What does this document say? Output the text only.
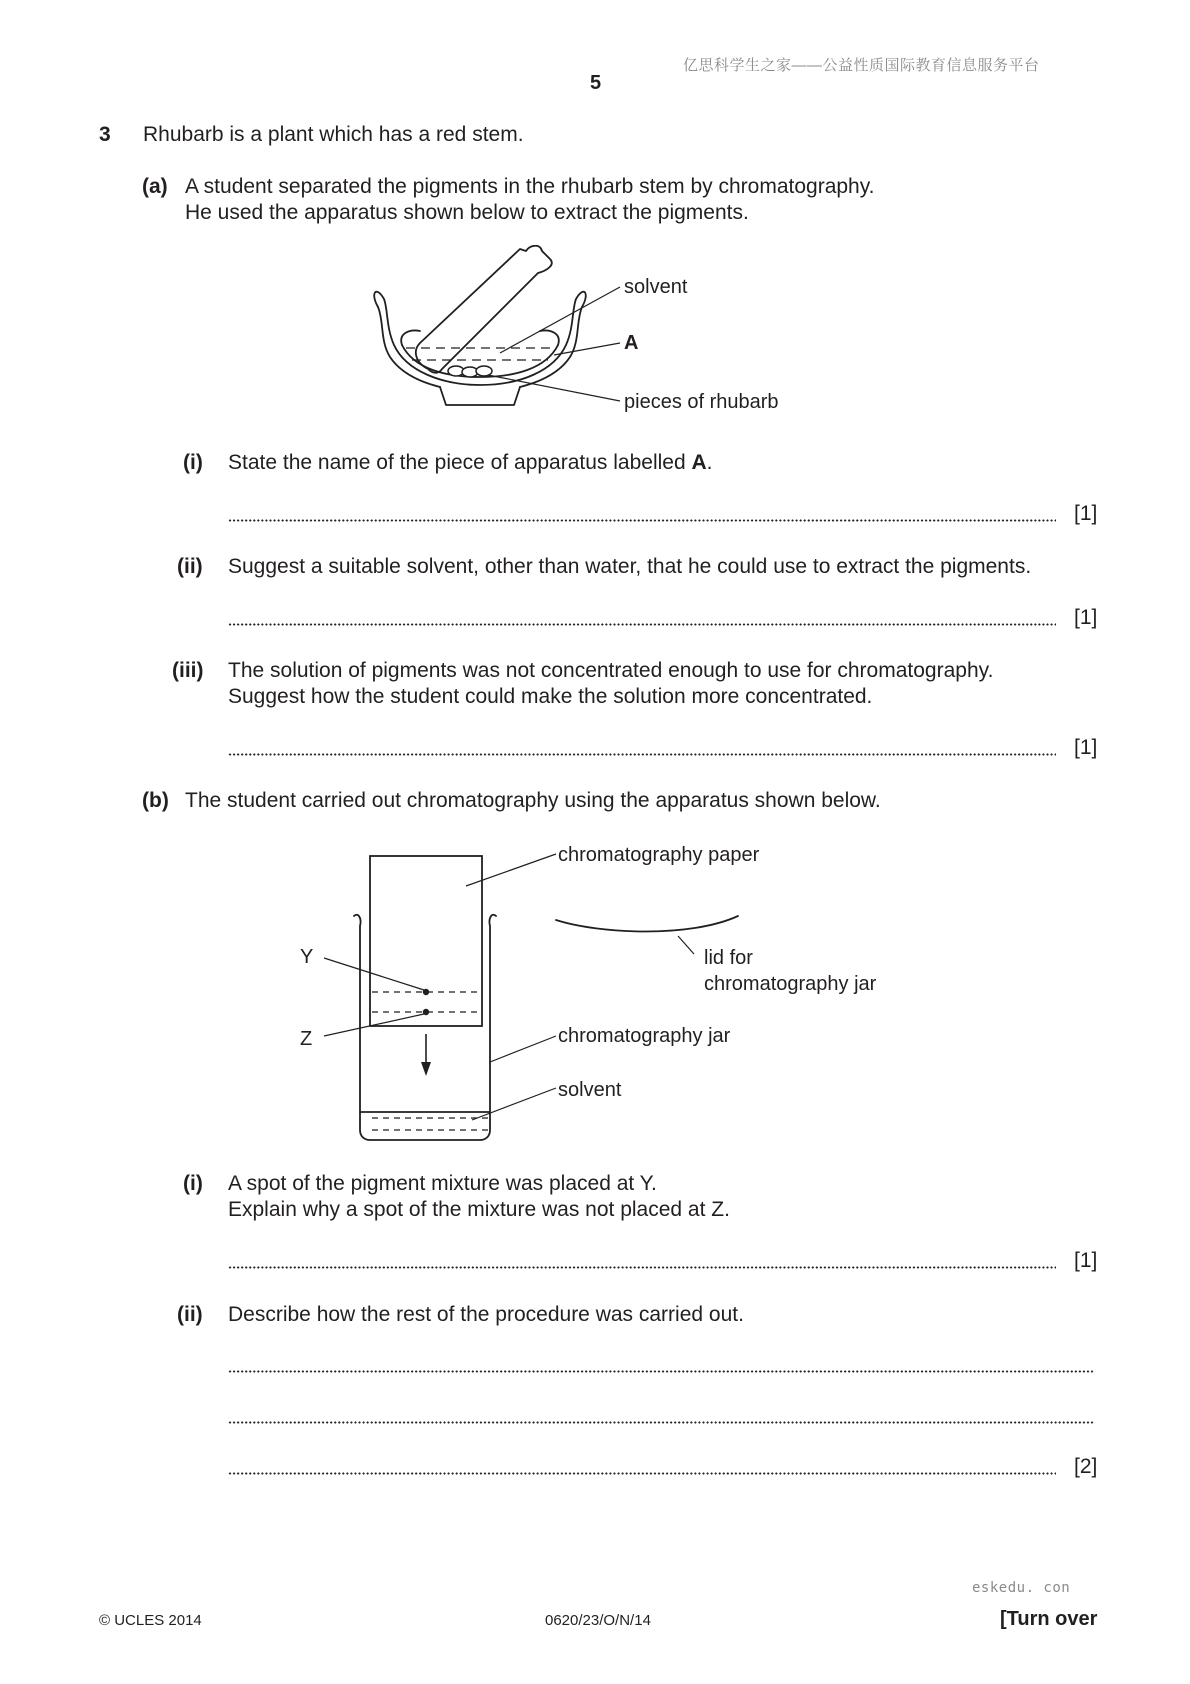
亿思科学生之家——公益性质国际教育信息服务平台
5
3 Rhubarb is a plant which has a red stem.
(a) A student separated the pigments in the rhubarb stem by chromatography.
He used the apparatus shown below to extract the pigments.
solvent
A
pieces of rhubarb
(i) State the name of the piece of apparatus labelled A.
[1]
(ii) Suggest a suitable solvent, other than water, that he could use to extract the pigments.
[1]
(iii) The solution of pigments was not concentrated enough to use for chromatography.
Suggest how the student could make the solution more concentrated.
[1]
(b) The student carried out chromatography using the apparatus shown below.
chromatography paper
lid for
chromatography jar
chromatography jar
solvent
Y
Z
(i) A spot of the pigment mixture was placed at Y.
Explain why a spot of the mixture was not placed at Z.
[1]
(ii) Describe how the rest of the procedure was carried out.
[2]
eskedu. con
© UCLES 2014	0620/23/O/N/14	[Turn over
